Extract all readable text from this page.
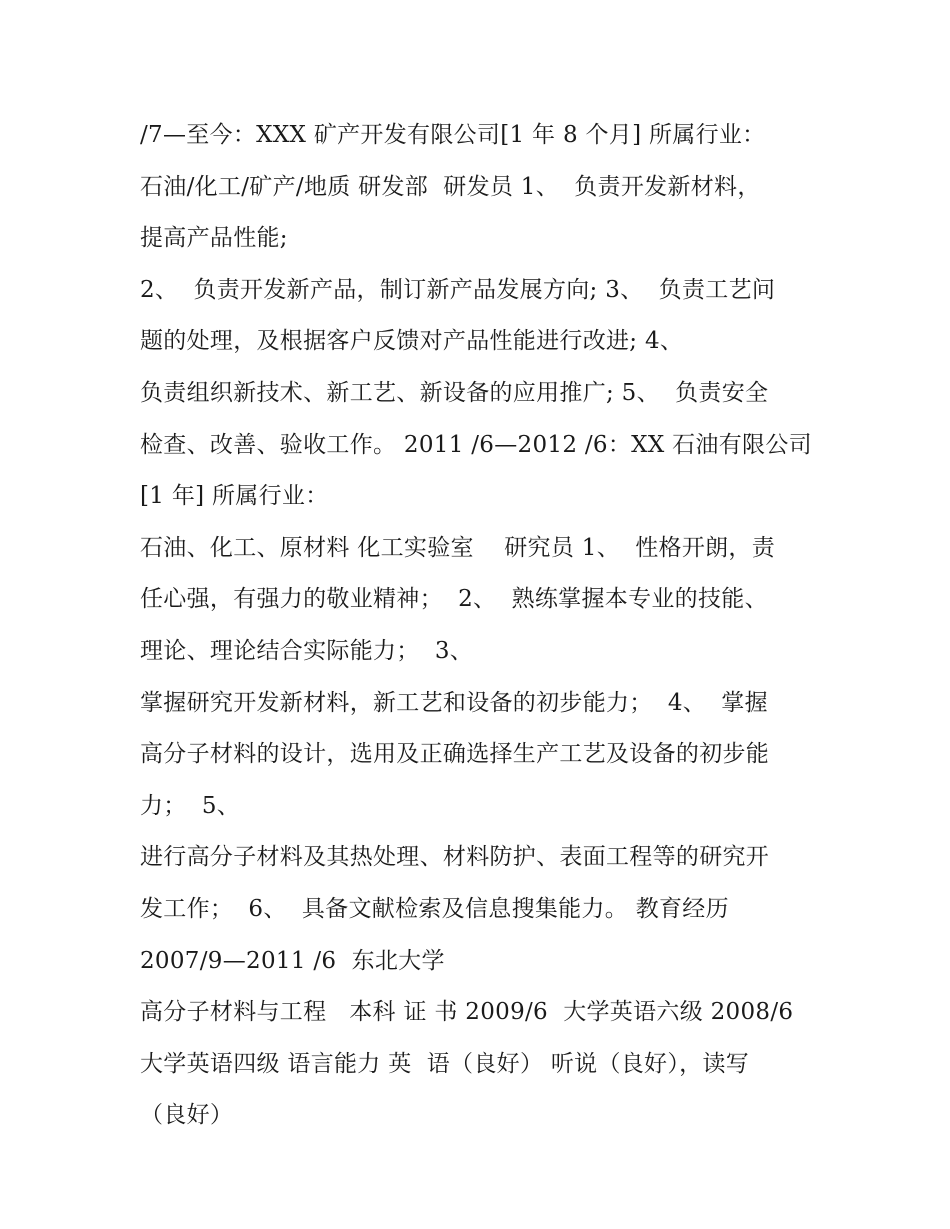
/7—至今：XXX 矿产开发有限公司[1 年 8 个月] 所属行业：
石油/化工/矿产/地质 研发部  研发员 1、  负责开发新材料，
提高产品性能;
2、  负责开发新产品，制订新产品发展方向; 3、  负责工艺问
题的处理，及根据客户反馈对产品性能进行改进; 4、
负责组织新技术、新工艺、新设备的应用推广; 5、  负责安全
检查、改善、验收工作。 2011 /6—2012 /6：XX 石油有限公司
[1 年] 所属行业：
石油、化工、原材料 化工实验室    研究员 1、  性格开朗，责
任心强，有强力的敬业精神；  2、  熟练掌握本专业的技能、
理论、理论结合实际能力；  3、
掌握研究开发新材料，新工艺和设备的初步能力；  4、  掌握
高分子材料的设计，选用及正确选择生产工艺及设备的初步能
力；  5、
进行高分子材料及其热处理、材料防护、表面工程等的研究开
发工作；  6、  具备文献检索及信息搜集能力。 教育经历
2007/9—2011 /6  东北大学
高分子材料与工程   本科 证 书 2009/6  大学英语六级 2008/6
大学英语四级 语言能力 英  语（良好） 听说（良好），读写
（良好）
